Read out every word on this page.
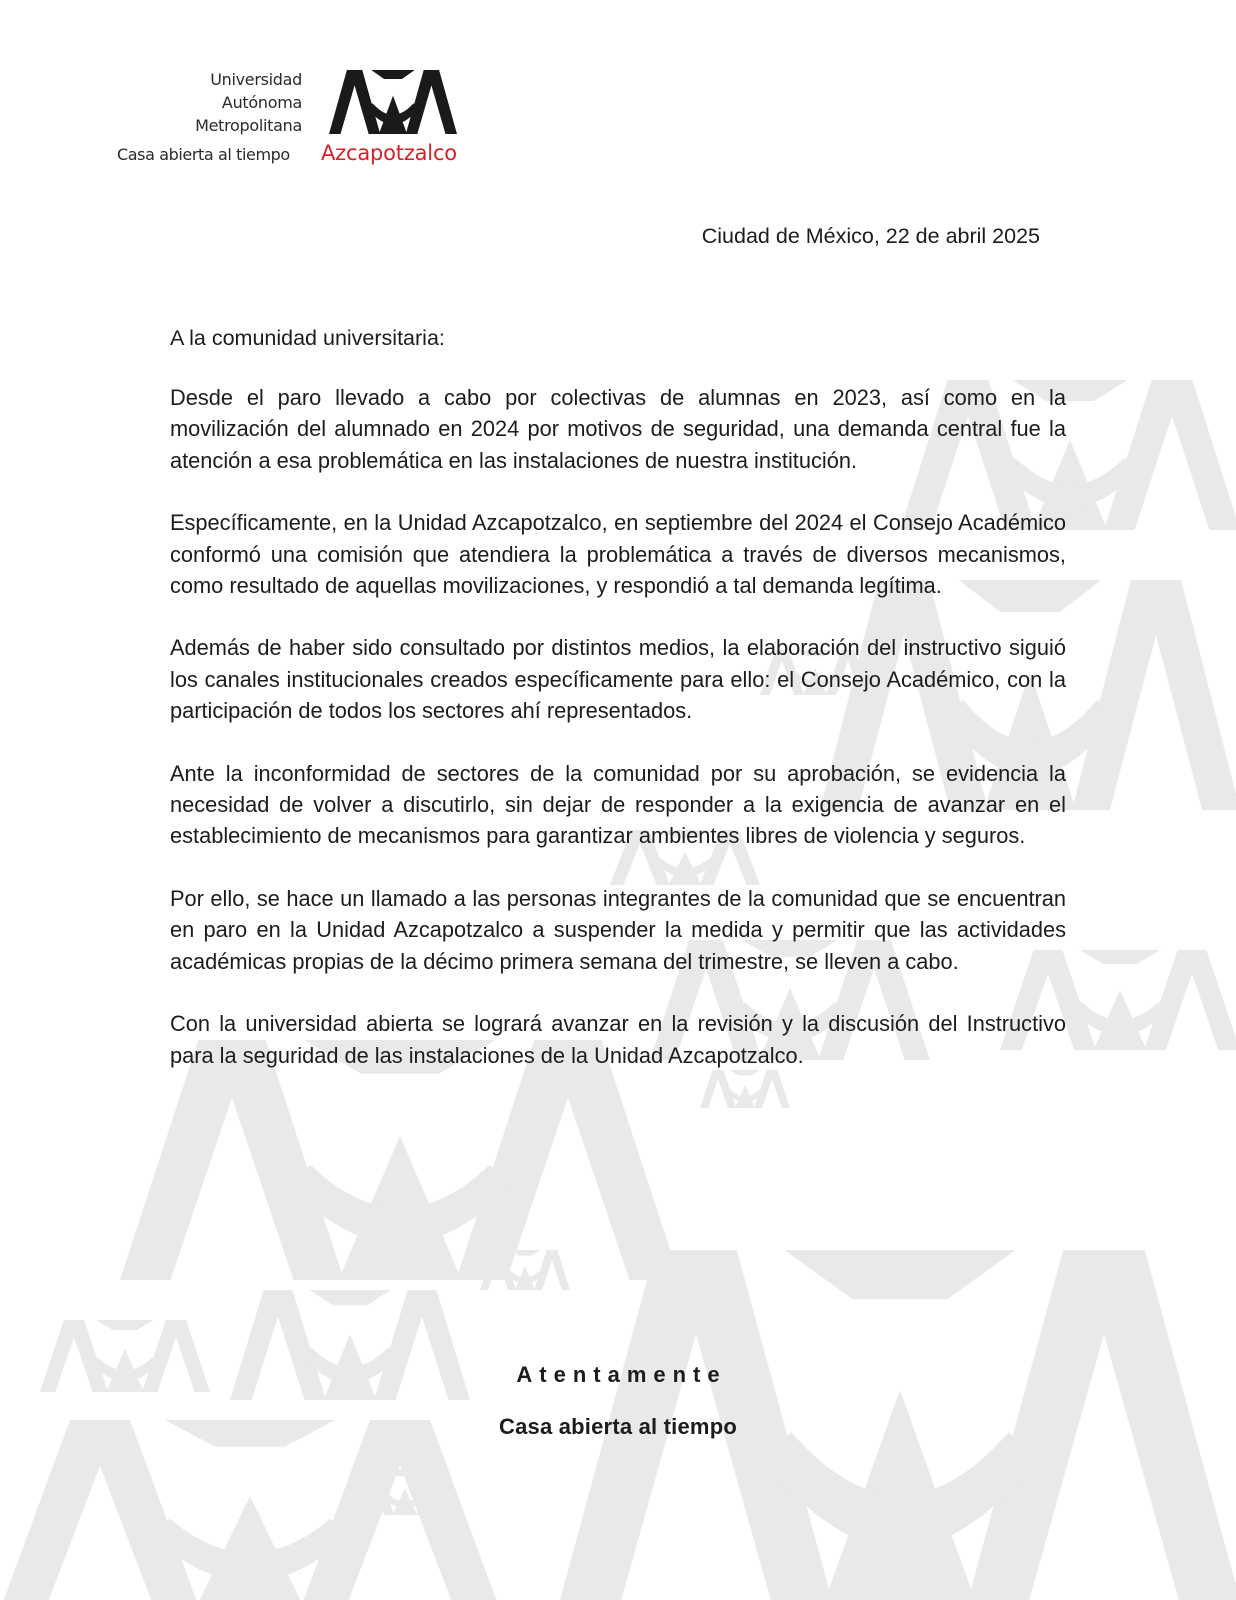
Universidad
Autónoma
Metropolitana
Casa abierta al tiempo Azcapotzalco
Ciudad de México, 22 de abril 2025
A la comunidad universitaria:

Desde el paro llevado a cabo por colectivas de alumnas en 2023, así como en la movilización del alumnado en 2024 por motivos de seguridad, una demanda central fue la atención a esa problemática en las instalaciones de nuestra institución.

Específicamente, en la Unidad Azcapotzalco, en septiembre del 2024 el Consejo Académico conformó una comisión que atendiera la problemática a través de diversos mecanismos, como resultado de aquellas movilizaciones, y respondió a tal demanda legítima.

Además de haber sido consultado por distintos medios, la elaboración del instructivo siguió los canales institucionales creados específicamente para ello: el Consejo Académico, con la participación de todos los sectores ahí representados.

Ante la inconformidad de sectores de la comunidad por su aprobación, se evidencia la necesidad de volver a discutirlo, sin dejar de responder a la exigencia de avanzar en el establecimiento de mecanismos para garantizar ambientes libres de violencia y seguros.

Por ello, se hace un llamado a las personas integrantes de la comunidad que se encuentran en paro en la Unidad Azcapotzalco a suspender la medida y permitir que las actividades académicas propias de la décimo primera semana del trimestre, se lleven a cabo.

Con la universidad abierta se logrará avanzar en la revisión y la discusión del Instructivo para la seguridad de las instalaciones de la Unidad Azcapotzalco.

Atentamente
Casa abierta al tiempo
